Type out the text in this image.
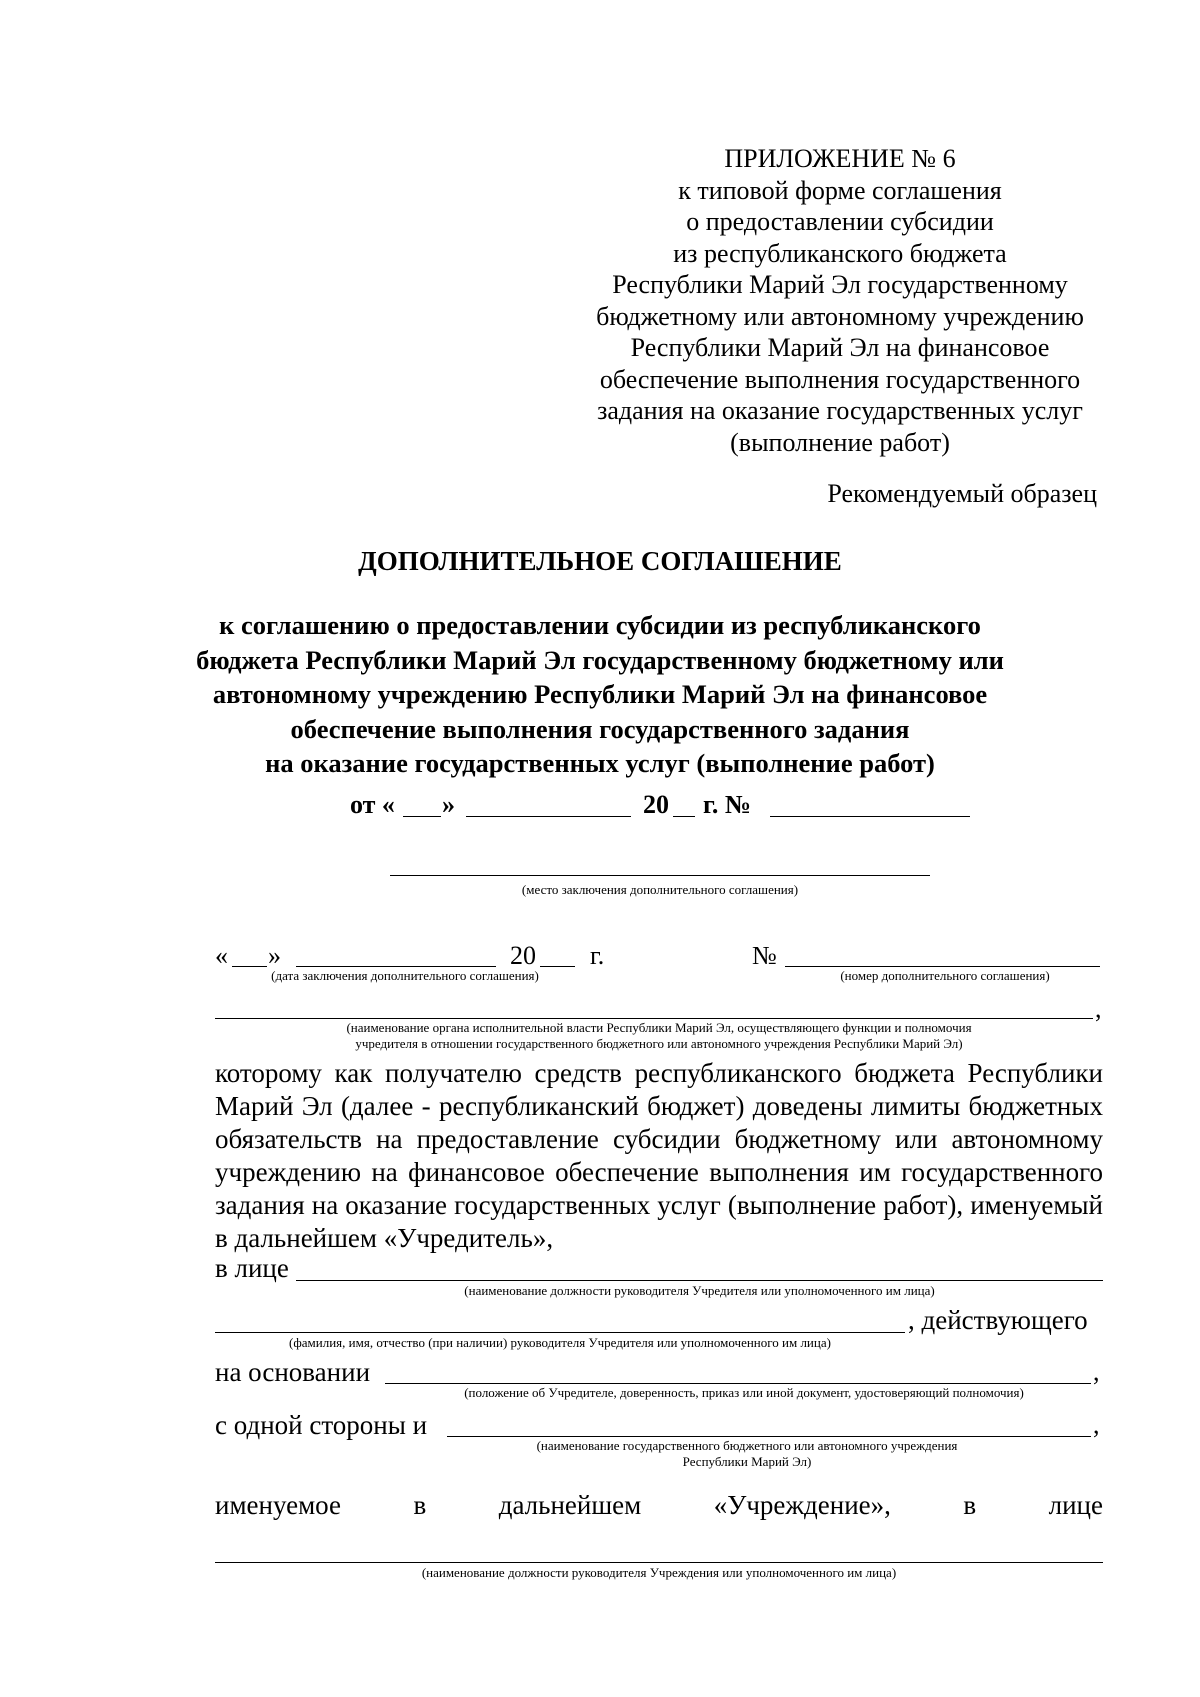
ПРИЛОЖЕНИЕ № 6
к типовой форме соглашения
о предоставлении субсидии
из республиканского бюджета
Республики Марий Эл государственному
бюджетному или автономному учреждению
Республики Марий Эл на финансовое
обеспечение выполнения государственного
задания на оказание государственных услуг
(выполнение работ)
Рекомендуемый образец
ДОПОЛНИТЕЛЬНОЕ СОГЛАШЕНИЕ
к соглашению о предоставлении субсидии из республиканского
бюджета Республики Марий Эл государственному бюджетному или
автономному учреждению Республики Марий Эл на финансовое
обеспечение выполнения государственного задания
на оказание государственных услуг (выполнение работ)
от « »	20 г. №
(место заключения дополнительного соглашения)
« »	20 г.	№
(дата заключения дополнительного соглашения)	(номер дополнительного соглашения)
,
(наименование органа исполнительной власти Республики Марий Эл, осуществляющего функции и полномочия
учредителя в отношении государственного бюджетного или автономного учреждения Республики Марий Эл)

которому как получателю средств республиканского бюджета Республики Марий Эл (далее - республиканский бюджет) доведены лимиты бюджетных обязательств на предоставление субсидии бюджетному или автономному учреждению на финансовое обеспечение выполнения им государственного задания на оказание государственных услуг (выполнение работ), именуемый в дальнейшем «Учредитель»,

в лице
(наименование должности руководителя Учредителя или уполномоченного им лица)
, действующего
(фамилия, имя, отчество (при наличии) руководителя Учредителя или уполномоченного им лица)
на основании	,
(положение об Учредителе, доверенность, приказ или иной документ, удостоверяющий полномочия)
с одной стороны и	,
(наименование государственного бюджетного или автономного учреждения
Республики Марий Эл)
именуемое	в	дальнейшем	«Учреждение»,	в	лице
(наименование должности руководителя Учреждения или уполномоченного им лица)
